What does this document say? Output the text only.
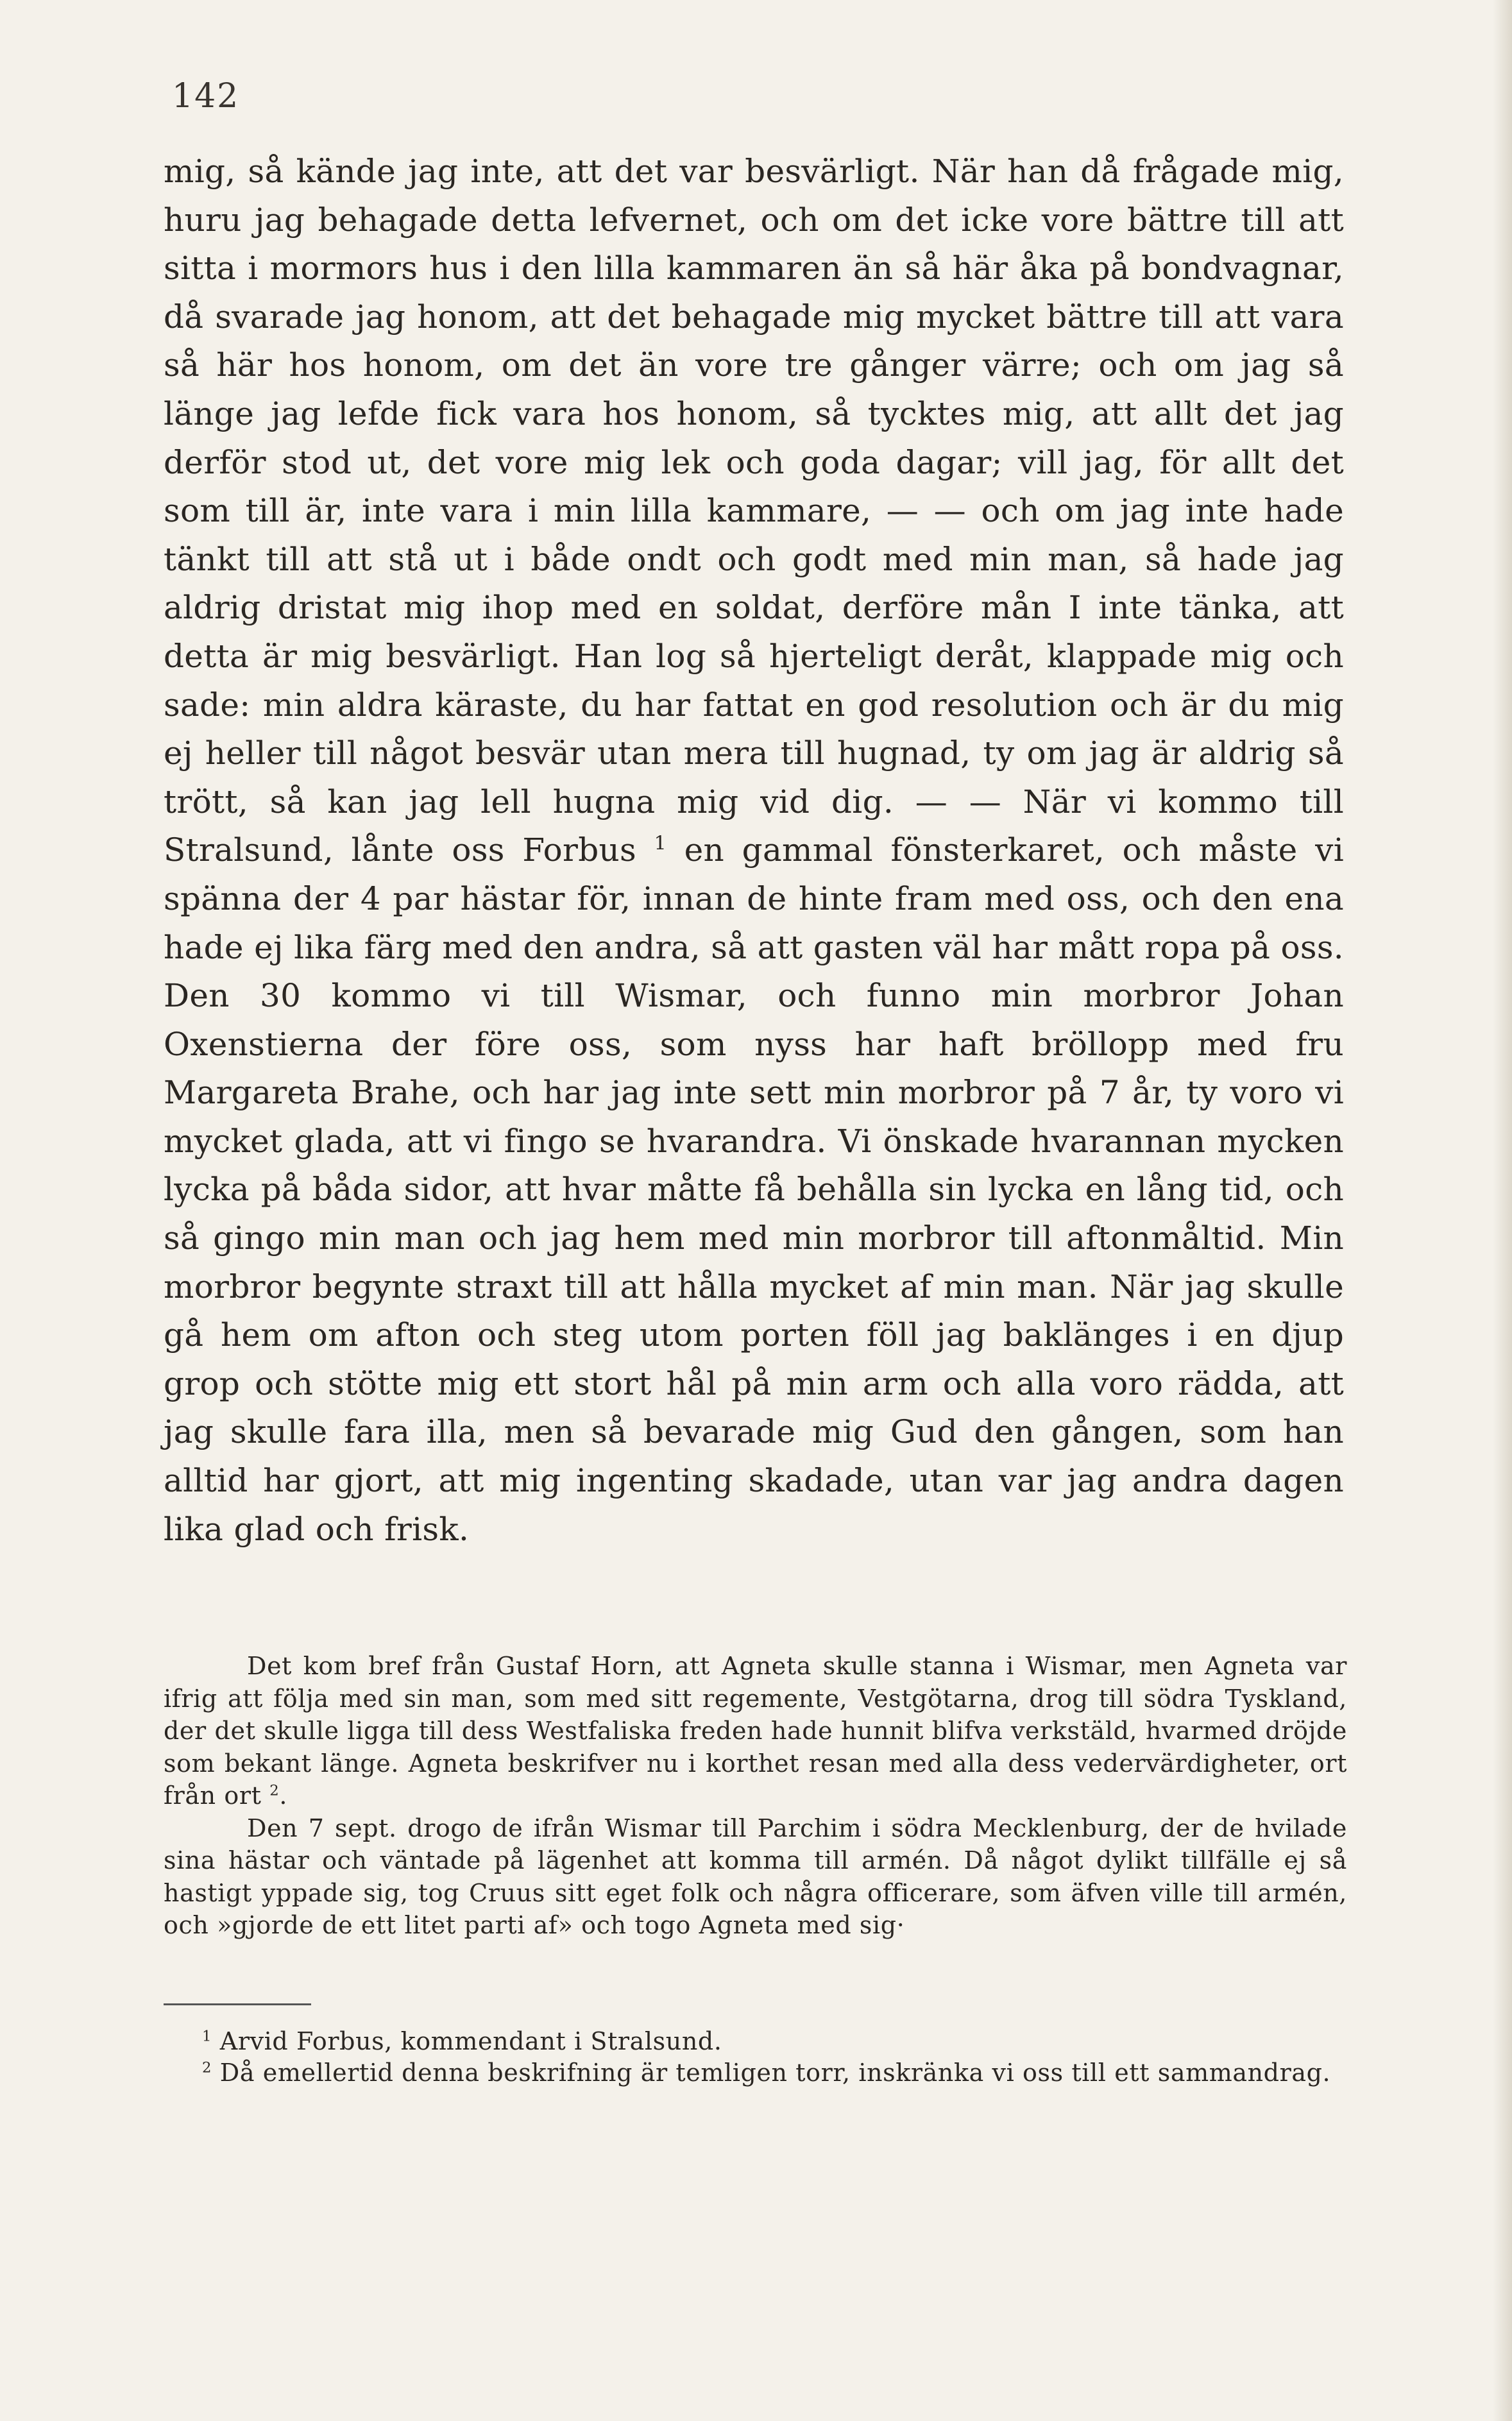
142

mig, så kände jag inte, att det var besvärligt. När han då frågade mig, huru jag behagade detta lefvernet, och om det icke vore bättre till att sitta i mormors hus i den lilla kammaren än så här åka på bondvagnar, då svarade jag honom, att det behagade mig mycket bättre till att vara så här hos honom, om det än vore tre gånger värre; och om jag så länge jag lefde fick vara hos honom, så tycktes mig, att allt det jag derför stod ut, det vore mig lek och goda dagar; vill jag, för allt det som till är, inte vara i min lilla kammare, — — och om jag inte hade tänkt till att stå ut i både ondt och godt med min man, så hade jag aldrig dristat mig ihop med en soldat, derföre mån I inte tänka, att detta är mig besvärligt. Han log så hjerteligt deråt, klappade mig och sade: min aldra käraste, du har fattat en god resolution och är du mig ej heller till något besvär utan mera till hugnad, ty om jag är aldrig så trött, så kan jag lell hugna mig vid dig. — — När vi kommo till Stralsund, lånte oss Forbus $^1$ en gammal fönsterkaret, och måste vi spänna der 4 par hästar för, innan de hinte fram med oss, och den ena hade ej lika färg med den andra, så att gasten väl har mått ropa på oss. Den 30 kommo vi till Wismar, och funno min morbror Johan Oxenstierna der före oss, som nyss har haft bröllopp med fru Margareta Brahe, och har jag inte sett min morbror på 7 år, ty voro vi mycket glada, att vi fingo se hvarandra. Vi önskade hvarannan mycken lycka på båda sidor, att hvar måtte få behålla sin lycka en lång tid, och så gingo min man och jag hem med min morbror till aftonmåltid. Min morbror begynte straxt till att hålla mycket af min man. När jag skulle gå hem om afton och steg utom porten föll jag baklänges i en djup grop och stötte mig ett stort hål på min arm och alla voro rädda, att jag skulle fara illa, men så bevarade mig Gud den gången, som han alltid har gjort, att mig ingenting skadade, utan var jag andra dagen lika glad och frisk.

Det kom bref från Gustaf Horn, att Agneta skulle stanna i Wismar, men Agneta var ifrig att följa med sin man, som med sitt regemente, Vestgötarna, drog till södra Tyskland, der det skulle ligga till dess Westfaliska freden hade hunnit blifva verkstäld, hvarmed dröjde som bekant länge. Agneta beskrifver nu i korthet resan med alla dess vedervärdigheter, ort från ort $^2$.

Den 7 sept. drogo de ifrån Wismar till Parchim i södra Mecklenburg, der de hvilade sina hästar och väntade på lägenhet att komma till armén. Då något dylikt tillfälle ej så hastigt yppade sig, tog Cruus sitt eget folk och några officerare, som äfven ville till armén, och »gjorde de ett litet parti af» och togo Agneta med sig·

$^1$ Arvid Forbus, kommendant i Stralsund.

$^2$ Då emellertid denna beskrifning är temligen torr, inskränka vi oss till ett sammandrag.
